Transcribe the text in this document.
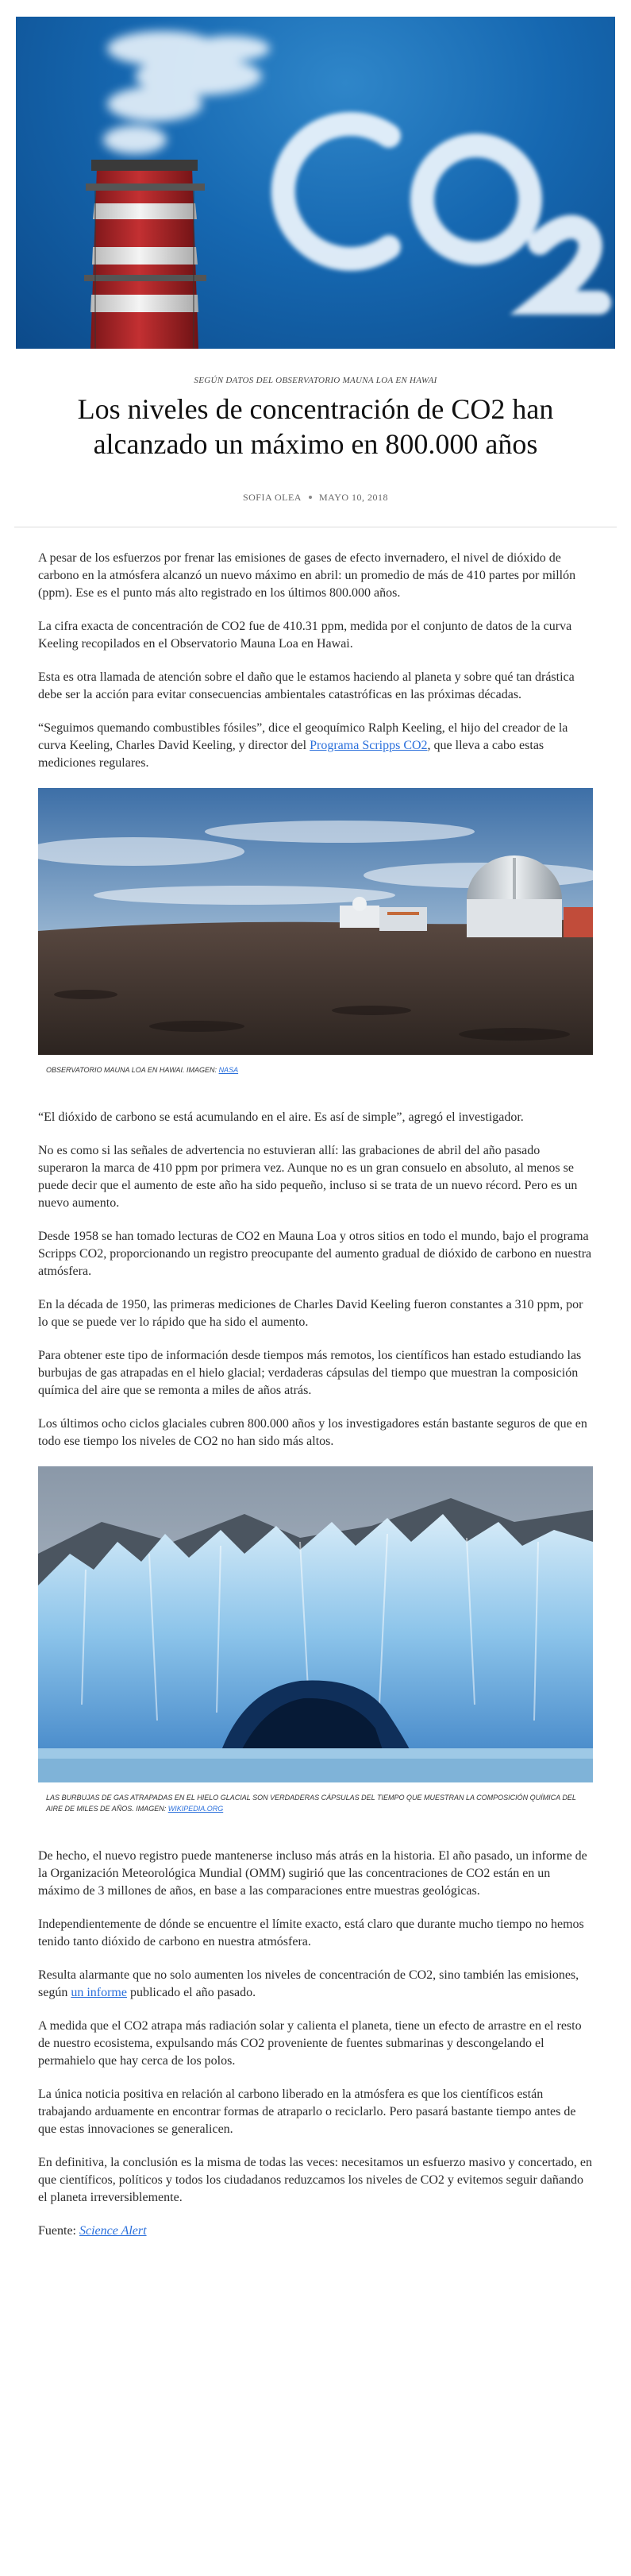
SEGÚN DATOS DEL OBSERVATORIO MAUNA LOA EN HAWAI
Los niveles de concentración de CO2 han alcanzado un máximo en 800.000 años
SOFIA OLEA MAYO 10, 2018

A pesar de los esfuerzos por frenar las emisiones de gases de efecto invernadero, el nivel de dióxido de carbono en la atmósfera alcanzó un nuevo máximo en abril: un promedio de más de 410 partes por millón (ppm). Ese es el punto más alto registrado en los últimos 800.000 años.

La cifra exacta de concentración de CO2 fue de 410.31 ppm, medida por el conjunto de datos de la curva Keeling recopilados en el Observatorio Mauna Loa en Hawai.

Esta es otra llamada de atención sobre el daño que le estamos haciendo al planeta y sobre qué tan drástica debe ser la acción para evitar consecuencias ambientales catastróficas en las próximas décadas.

“Seguimos quemando combustibles fósiles”, dice el geoquímico Ralph Keeling, el hijo del creador de la curva Keeling, Charles David Keeling, y director del Programa Scripps CO2, que lleva a cabo estas mediciones regulares.

OBSERVATORIO MAUNA LOA EN HAWAI. IMAGEN: NASA

“El dióxido de carbono se está acumulando en el aire. Es así de simple”, agregó el investigador.

No es como si las señales de advertencia no estuvieran allí: las grabaciones de abril del año pasado superaron la marca de 410 ppm por primera vez. Aunque no es un gran consuelo en absoluto, al menos se puede decir que el aumento de este año ha sido pequeño, incluso si se trata de un nuevo récord. Pero es un nuevo aumento.

Desde 1958 se han tomado lecturas de CO2 en Mauna Loa y otros sitios en todo el mundo, bajo el programa Scripps CO2, proporcionando un registro preocupante del aumento gradual de dióxido de carbono en nuestra atmósfera.

En la década de 1950, las primeras mediciones de Charles David Keeling fueron constantes a 310 ppm, por lo que se puede ver lo rápido que ha sido el aumento.

Para obtener este tipo de información desde tiempos más remotos, los científicos han estado estudiando las burbujas de gas atrapadas en el hielo glacial; verdaderas cápsulas del tiempo que muestran la composición química del aire que se remonta a miles de años atrás.

Los últimos ocho ciclos glaciales cubren 800.000 años y los investigadores están bastante seguros de que en todo ese tiempo los niveles de CO2 no han sido más altos.

LAS BURBUJAS DE GAS ATRAPADAS EN EL HIELO GLACIAL SON VERDADERAS CÁPSULAS DEL TIEMPO QUE MUESTRAN LA COMPOSICIÓN QUÍMICA DEL AIRE DE MILES DE AÑOS. IMAGEN: WIKIPEDIA.ORG

De hecho, el nuevo registro puede mantenerse incluso más atrás en la historia. El año pasado, un informe de la Organización Meteorológica Mundial (OMM) sugirió que las concentraciones de CO2 están en un máximo de 3 millones de años, en base a las comparaciones entre muestras geológicas.

Independientemente de dónde se encuentre el límite exacto, está claro que durante mucho tiempo no hemos tenido tanto dióxido de carbono en nuestra atmósfera.

Resulta alarmante que no solo aumenten los niveles de concentración de CO2, sino también las emisiones, según un informe publicado el año pasado.

A medida que el CO2 atrapa más radiación solar y calienta el planeta, tiene un efecto de arrastre en el resto de nuestro ecosistema, expulsando más CO2 proveniente de fuentes submarinas y descongelando el permahielo que hay cerca de los polos.

La única noticia positiva en relación al carbono liberado en la atmósfera es que los científicos están trabajando arduamente en encontrar formas de atraparlo o reciclarlo. Pero pasará bastante tiempo antes de que estas innovaciones se generalicen.

En definitiva, la conclusión es la misma de todas las veces: necesitamos un esfuerzo masivo y concertado, en que científicos, políticos y todos los ciudadanos reduzcamos los niveles de CO2 y evitemos seguir dañando el planeta irreversiblemente.

Fuente: Science Alert
